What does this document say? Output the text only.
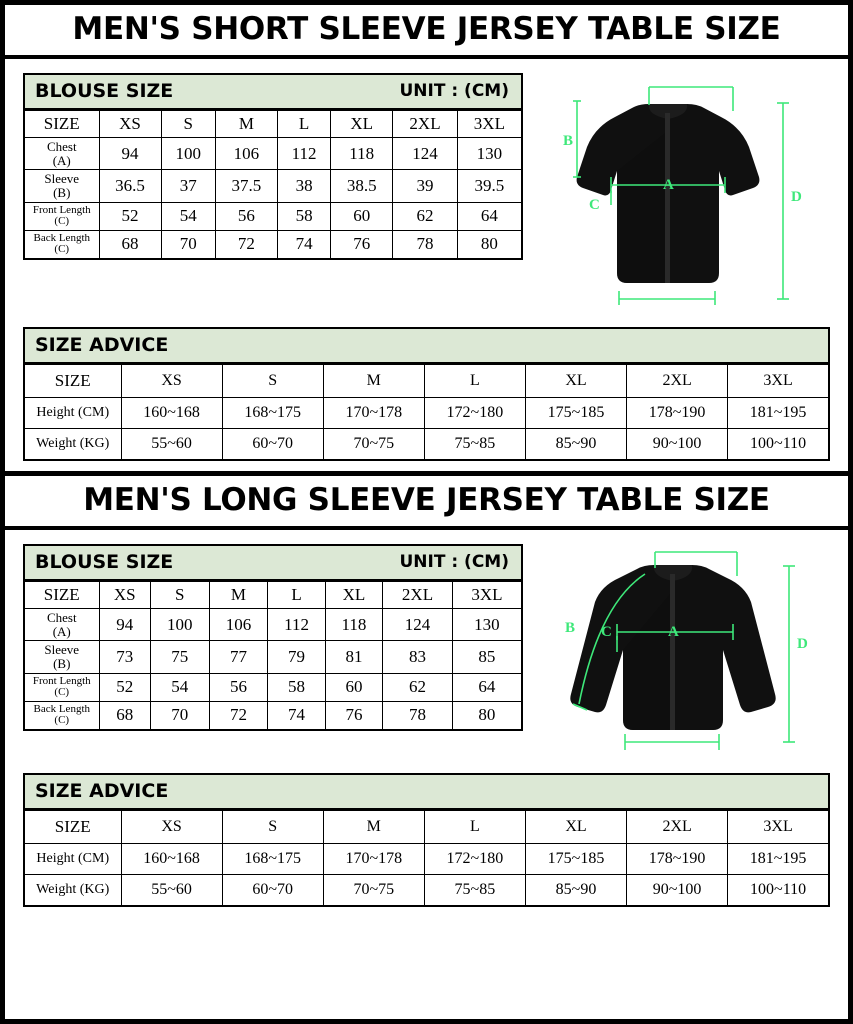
MEN'S SHORT SLEEVE JERSEY TABLE SIZE
BLOUSE SIZE	UNIT : (CM)
SIZE	XS	S	M	L	XL	2XL	3XL
Chest
(A)	94	100	106	112	118	124	130
Sleeve
(B)	36.5	37	37.5	38	38.5	39	39.5
Front Length
(C)	52	54	56	58	60	62	64
Back Length
(C)	68	70	72	74	76	78	80
A
B
C	D
SIZE ADVICE
SIZE	XS	S	M	L	XL	2XL	3XL
Height (CM)	160~168	168~175	170~178	172~180	175~185	178~190	181~195
Weight (KG)	55~60	60~70	70~75	75~85	85~90	90~100	100~110
MEN'S LONG SLEEVE JERSEY TABLE SIZE
BLOUSE SIZE	UNIT : (CM)
SIZE	XS	S	M	L	XL	2XL	3XL
Chest
(A)	94	100	106	112	118	124	130
Sleeve
(B)	73	75	77	79	81	83	85
Front Length
(C)	52	54	56	58	60	62	64
Back Length
(C)	68	70	72	74	76	78	80
A
B C
D
SIZE ADVICE
SIZE	XS	S	M	L	XL	2XL	3XL
Height (CM)	160~168	168~175	170~178	172~180	175~185	178~190	181~195
Weight (KG)	55~60	60~70	70~75	75~85	85~90	90~100	100~110
